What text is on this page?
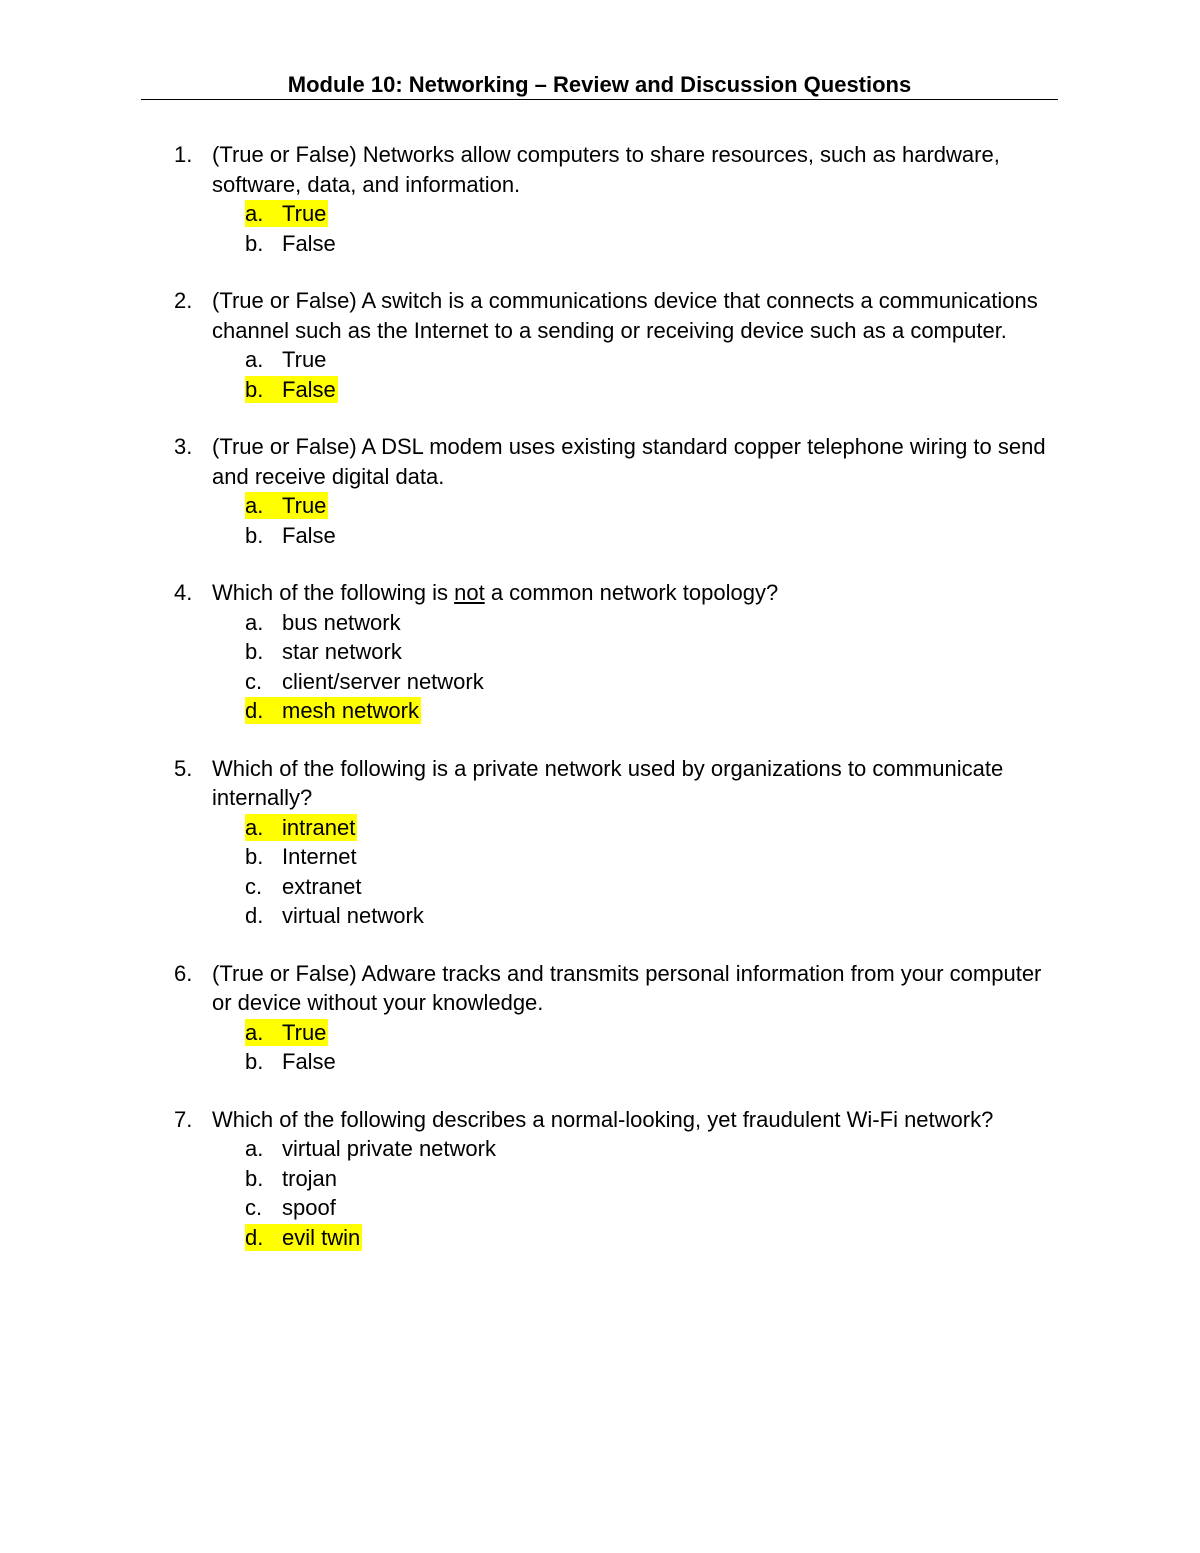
Module 10: Networking – Review and Discussion Questions
1. (True or False) Networks allow computers to share resources, such as hardware, software, data, and information.

a. True
b. False
2. (True or False) A switch is a communications device that connects a communications channel such as the Internet to a sending or receiving device such as a computer.

a. True
b. False
3. (True or False) A DSL modem uses existing standard copper telephone wiring to send and receive digital data.

a. True
b. False
4. Which of the following is not a common network topology?

a. bus network
b. star network
c. client/server network
d. mesh network
5. Which of the following is a private network used by organizations to communicate internally?

a. intranet
b. Internet
c. extranet
d. virtual network
6. (True or False) Adware tracks and transmits personal information from your computer or device without your knowledge.

a. True
b. False
7. Which of the following describes a normal-looking, yet fraudulent Wi-Fi network?

a. virtual private network
b. trojan
c. spoof
d. evil twin
